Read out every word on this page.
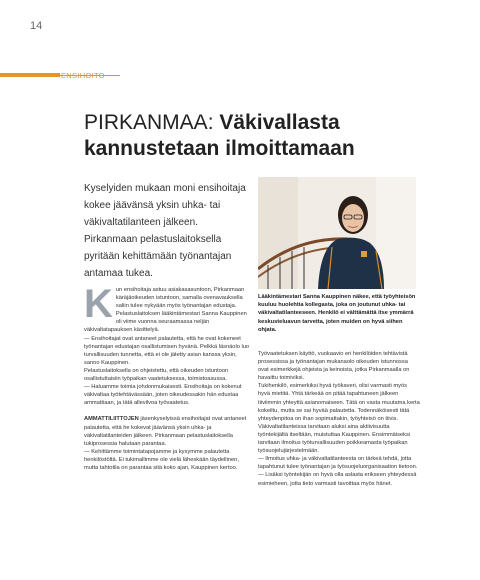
14
ENSIHOITO
PIRKANMAA: Väkivallasta kannustetaan ilmoittamaan
Kyselyiden mukaan moni ensihoitaja kokee jäävänsä yksin uhka- tai väkivaltatilanteen jälkeen. Pirkanmaan pelastuslaitoksella pyritään kehittämään työnantajan antamaa tukea.
Lääkintämestari Sanna Kauppinen näkee, että työyhteisön kuuluu huolehtia kollegasta, joka on joutunut uhka- tai väkivaltatilanteeseen. Henkilö ei välttämättä itse ymmärrä keskusteluavun tarvetta, joten muiden on hyvä siihen ohjata.

Kun ensihoitaja astuu asiakasasuntoon, Pirkanmaan käräjäoikeuden istuntoon, samalla ovenavauksella saliin tulee nykyään myös työnantajan edustaja. Pelastuslaitoksen lääkintämestari Sanna Kauppinen oli viime vuonna seuraamassa neljän väkivaltatapauksen käsittelyä.

— Ensihoitajat ovat antaneet palautetta, että he ovat kokeneet työnantajan edustajan osallistumisen hyvänä. Pelkkä läsnäolo luo turvallisuuden tunnetta, että ei ole jätetty asian kanssa yksin, sanoo Kauppinen.

Pelastuslaitoksella on ohjeistettu, että oikeuden istuntoon osallistuttaisiin työpaikan vaatetuksessa, toimistoasussa.

— Haluamme toimia johdonmukaisesti. Ensihoitaja on kokenut väkivaltaa työtehtävässään, joten oikeudessakin hän edustaa ammattiaan, ja tätä allevilvoa työvaatetus.

AMMATTILIITTOJEN jäsenkyselyissä ensihoitajat ovat antaneet palautetta, että he kokevat jäävänsä yksin uhka- ja väkivaltatilanteiden jälkeen. Pirkanmaan pelastuslaitoksella tukiprosessia halutaan parantaa.

— Kehittämme toimintatapojamme ja kysymme palautetta henkilöstöltä. Ei tukimallimme ole vielä läheskään täydellinen, mutta tahtotila on parantaa sitä koko ajan, Kauppinen kertoo.

Työvaatetuksen käyttö, vuokaavio eri henkilöiden tehtävistä prosessissa ja työnantajan mukanaolo oikeuden istunnossa ovat esimerkkejä ohjeista ja keinoista, jotka Pirkanmaalla on havaittu toimiviksi.

Tukihenkilö, esimerkiksi hyvä työkaveri, olisi varmasti myös hyvä mietitä. Yhtä tärkeää on pitää tapahtuneen jälkeen tiiviimmin yhteyttä asianomaiseen. Tätä on vasta muutama kerta kokeiltu, mutta se sai hyvää palautetta. Todennäköisesti tätä yhteydenpitoa on ihan sopimattakin, työyhteisö on tiivis.

Väkivaltatilanteissa tarvitaan aluksi aina aktiivisuutta työntekijältä itseltään, muistuttaa Kauppinen. Ensimmäiseksi tarvitaan ilmoitus työturvallisuuden poikkeamasta työpaikan työsuojelujärjestelmään.

— Ilmoitus uhka- ja väkivaltatilanteesta on tärkeä tehdä, jotta tapahtunut tulee työnantajan ja työsuojeluorganisaation tietoon.

— Lisäksi työntekijän on hyvä olla aslasta erikseen yhteydessä esimieheen, jotta tieto varmasti tavoittaa myös hänet.
